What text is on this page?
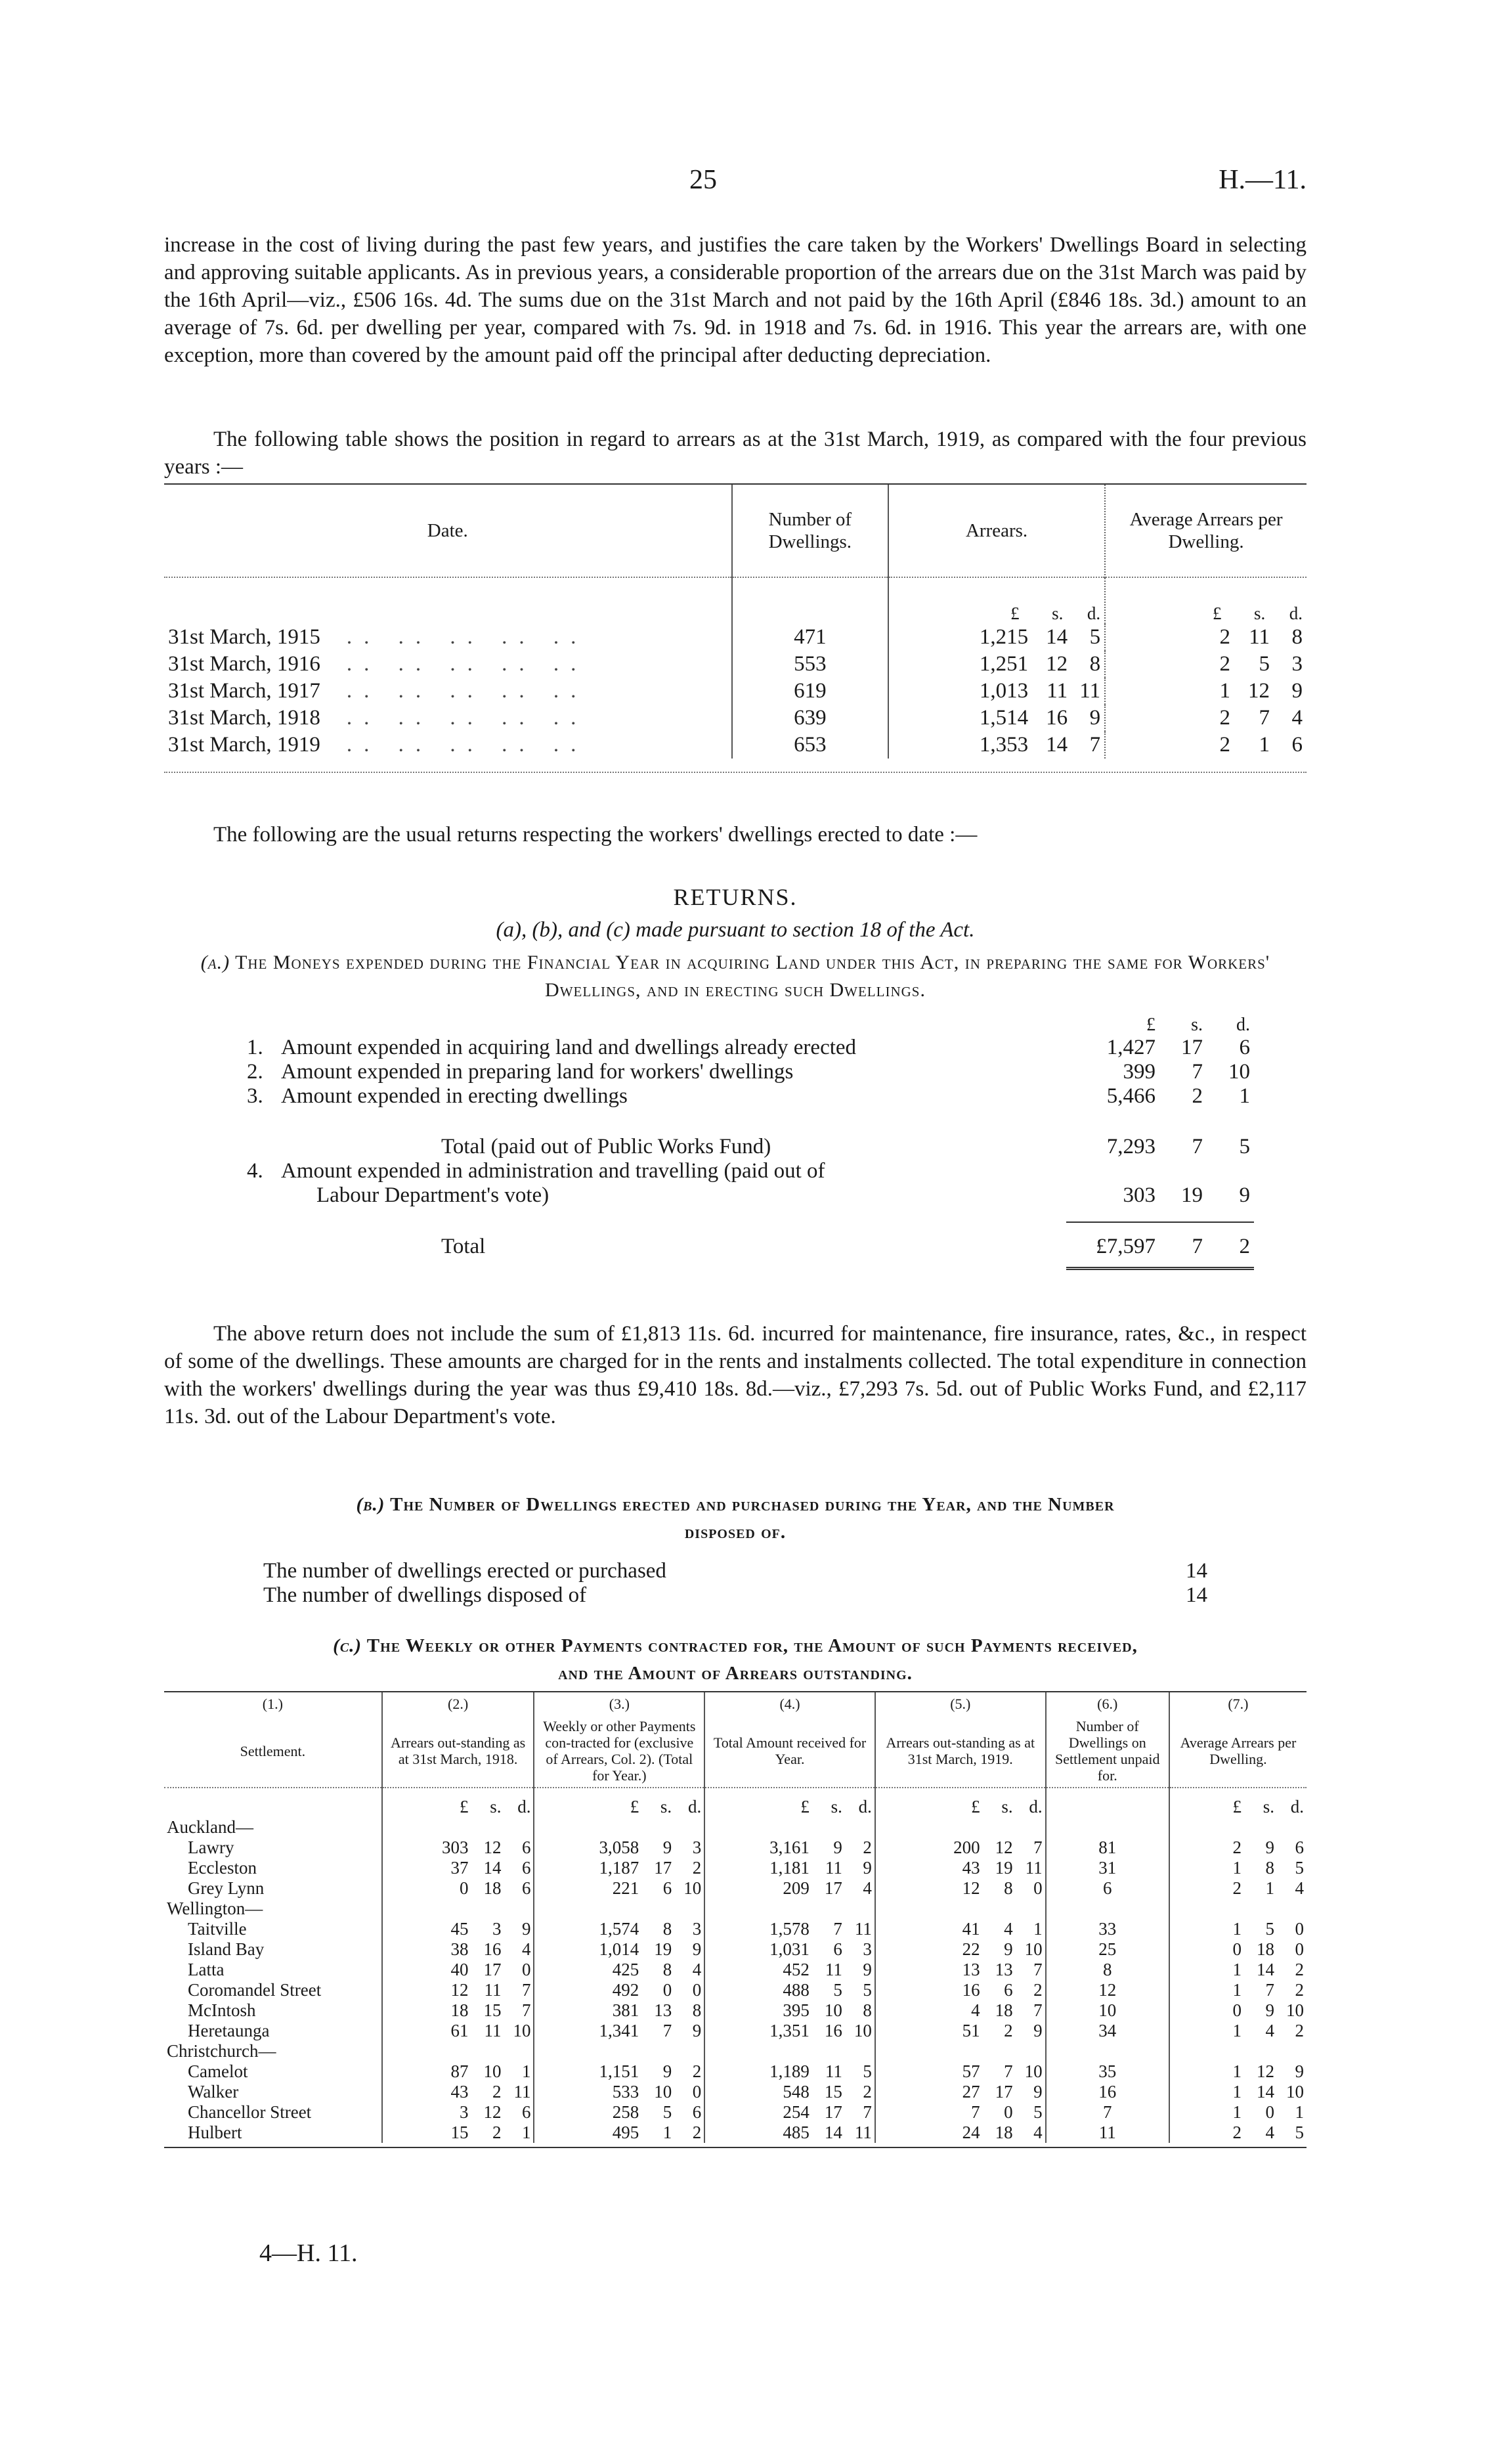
25	H.—11.

increase in the cost of living during the past few years, and justifies the care taken by the Workers' Dwellings Board in selecting and approving suitable applicants. As in previous years, a considerable proportion of the arrears due on the 31st March was paid by the 16th April—viz., £506 16s. 4d. The sums due on the 31st March and not paid by the 16th April (£846 18s. 3d.) amount to an average of 7s. 6d. per dwelling per year, compared with 7s. 9d. in 1918 and 7s. 6d. in 1916. This year the arrears are, with one exception, more than covered by the amount paid off the principal after deducting depreciation.

The following table shows the position in regard to arrears as at the 31st March, 1919, as compared with the four previous years :—

Date.	Number of Dwellings.	Arrears.	Average Arrears per Dwelling.
		£ s. d.	£ s. d.
31st March, 1915 .. .. .. .. ..	471	1,215 14 5	2 11 8
31st March, 1916 .. .. .. .. ..	553	1,251 12 8	2 5 3
31st March, 1917 .. .. .. .. ..	619	1,013 11 11	1 12 9
31st March, 1918 .. .. .. .. ..	639	1,514 16 9	2 7 4
31st March, 1919 .. .. .. .. ..	653	1,353 14 7	2 1 6

The following are the usual returns respecting the workers' dwellings erected to date :—

RETURNS.

(a), (b), and (c) made pursuant to section 18 of the Act.

(a.) The Moneys expended during the Financial Year in acquiring Land under this Act, in preparing the same for Workers' Dwellings, and in erecting such Dwellings.

		£	s.	d.
1.	Amount expended in acquiring land and dwellings already erected	1,427	17	6
2.	Amount expended in preparing land for workers' dwellings	399	7	10
3.	Amount expended in erecting dwellings	5,466	2	1

	Total (paid out of Public Works Fund)	7,293	7	5
4.	Amount expended in administration and travelling (paid out of			
	Labour Department's vote)	303	19	9

	Total	£7,597	7	2

The above return does not include the sum of £1,813 11s. 6d. incurred for maintenance, fire insurance, rates, &c., in respect of some of the dwellings. These amounts are charged for in the rents and instalments collected. The total expenditure in connection with the workers' dwellings during the year was thus £9,410 18s. 8d.—viz., £7,293 7s. 5d. out of Public Works Fund, and £2,117 11s. 3d. out of the Labour Department's vote.

(b.) The Number of Dwellings erected and purchased during the Year, and the Number

disposed of.

The number of dwellings erected or purchased	14
The number of dwellings disposed of	14

(c.) The Weekly or other Payments contracted for, the Amount of such Payments received,

and the Amount of Arrears outstanding.

(1.)	(2.)	(3.)	(4.)	(5.)	(6.)	(7.)
Settlement.	Arrears out-standing as at 31st March, 1918.	Weekly or other Payments con-tracted for (exclusive of Arrears, Col. 2). (Total for Year.)	Total Amount received for Year.	Arrears out-standing as at 31st March, 1919.	Number of Dwellings on Settlement unpaid for.	Average Arrears per Dwelling.
	£ s. d.	£ s. d.	£ s. d.	£ s. d.		£ s. d.
Auckland—						
Lawry	303 12 6	3,058 9 3	3,161 9 2	200 12 7	81	2 9 6
Eccleston	37 14 6	1,187 17 2	1,181 11 9	43 19 11	31	1 8 5
Grey Lynn	0 18 6	221 6 10	209 17 4	12 8 0	6	2 1 4
Wellington—						
Taitville	45 3 9	1,574 8 3	1,578 7 11	41 4 1	33	1 5 0
Island Bay	38 16 4	1,014 19 9	1,031 6 3	22 9 10	25	0 18 0
Latta	40 17 0	425 8 4	452 11 9	13 13 7	8	1 14 2
Coromandel Street	12 11 7	492 0 0	488 5 5	16 6 2	12	1 7 2
McIntosh	18 15 7	381 13 8	395 10 8	4 18 7	10	0 9 10
Heretaunga	61 11 10	1,341 7 9	1,351 16 10	51 2 9	34	1 4 2
Christchurch—						
Camelot	87 10 1	1,151 9 2	1,189 11 5	57 7 10	35	1 12 9
Walker	43 2 11	533 10 0	548 15 2	27 17 9	16	1 14 10
Chancellor Street	3 12 6	258 5 6	254 17 7	7 0 5	7	1 0 1
Hulbert	15 2 1	495 1 2	485 14 11	24 18 4	11	2 4 5

4—H. 11.
